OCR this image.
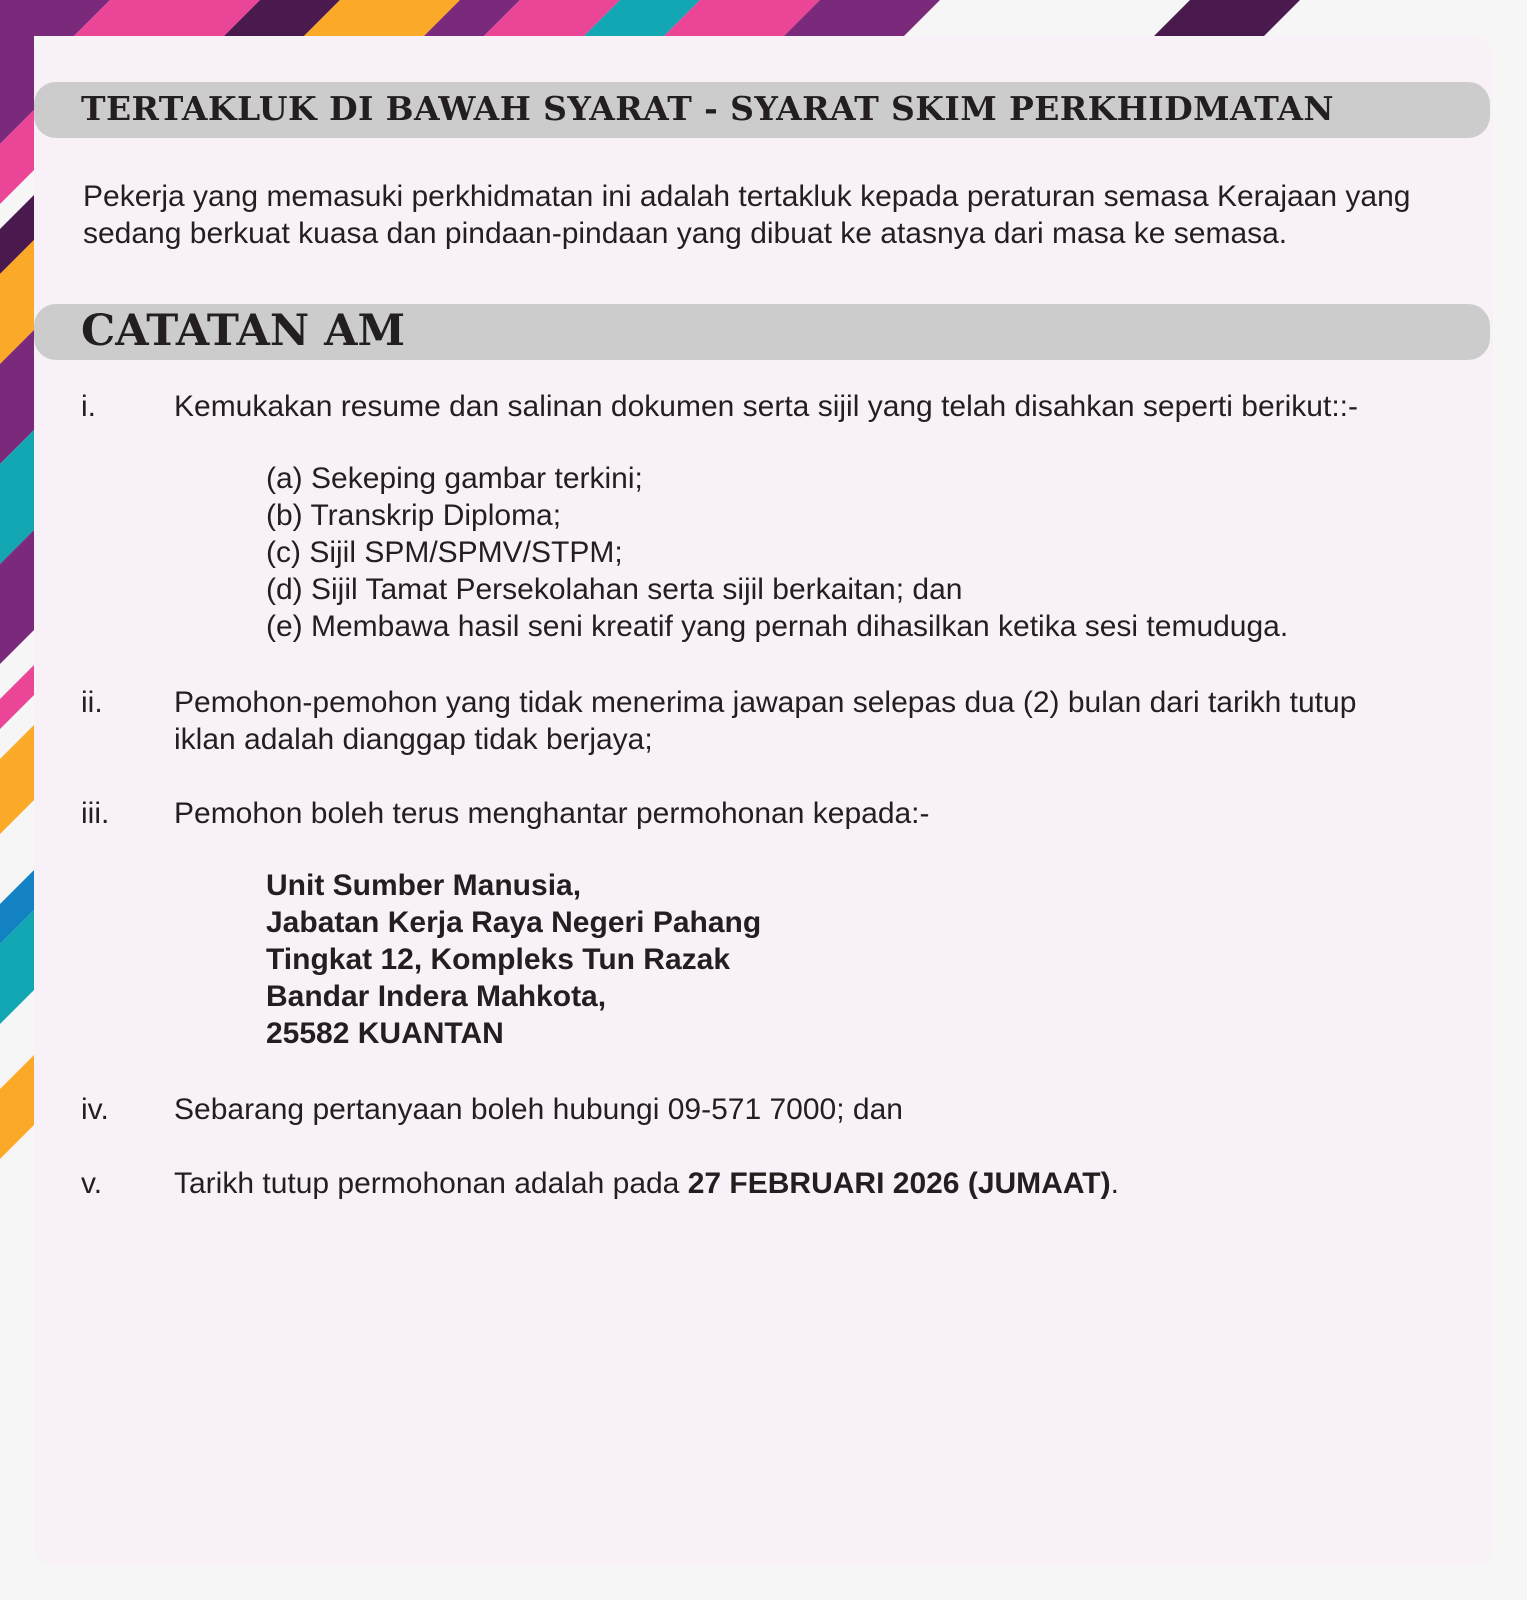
TERTAKLUK DI BAWAH SYARAT - SYARAT SKIM PERKHIDMATAN
CATATAN AM

Pekerja yang memasuki perkhidmatan ini adalah tertakluk kepada peraturan semasa Kerajaan yang sedang berkuat kuasa dan pindaan-pindaan yang dibuat ke atasnya dari masa ke semasa.

i.	Kemukakan resume dan salinan dokumen serta sijil yang telah disahkan seperti berikut::-

(a) Sekeping gambar terkini;
(b) Transkrip Diploma;
(c) Sijil SPM/SPMV/STPM;
(d) Sijil Tamat Persekolahan serta sijil berkaitan; dan
(e) Membawa hasil seni kreatif yang pernah dihasilkan ketika sesi temuduga.
ii. Pemohon-pemohon yang tidak menerima jawapan selepas dua (2) bulan dari tarikh tutup iklan adalah dianggap tidak berjaya;

iii. Pemohon boleh terus menghantar permohonan kepada:-

Unit Sumber Manusia,
Jabatan Kerja Raya Negeri Pahang
Tingkat 12, Kompleks Tun Razak
Bandar Indera Mahkota,
25582 KUANTAN
iv. Sebarang pertanyaan boleh hubungi 09-571 7000; dan

v. Tarikh tutup permohonan adalah pada 27 FEBRUARI 2026 (JUMAAT).
